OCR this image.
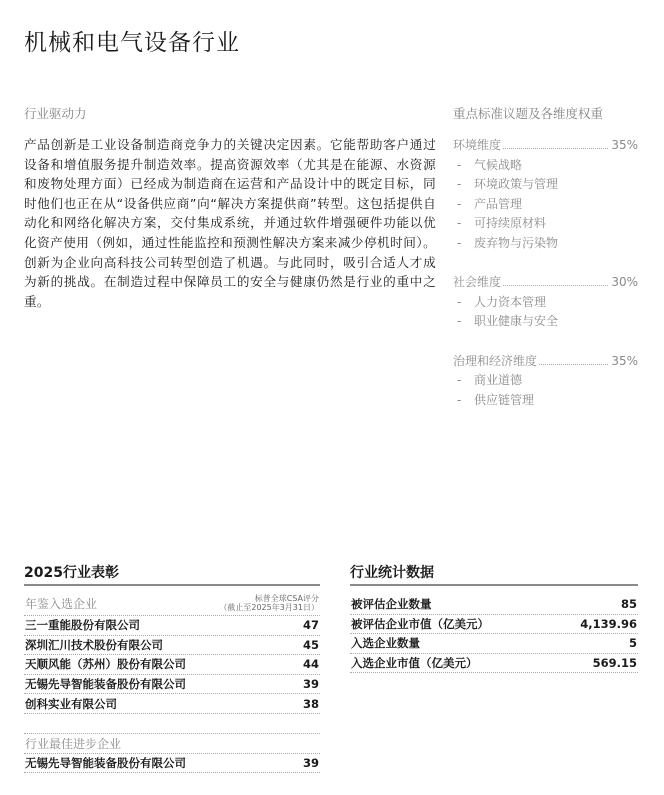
机械和电气设备行业
行业驱动力
产品创新是工业设备制造商竞争力的关键决定因素。它能帮助客户通过设备和增值服务提升制造效率。提高资源效率（尤其是在能源、水资源和废物处理方面）已经成为制造商在运营和产品设计中的既定目标，同时他们也正在从“设备供应商”向“解决方案提供商”转型。这包括提供自动化和网络化解决方案，交付集成系统，并通过软件增强硬件功能以优化资产使用（例如，通过性能监控和预测性解决方案来减少停机时间）。创新为企业向高科技公司转型创造了机遇。与此同时，吸引合适人才成为新的挑战。在制造过程中保障员工的安全与健康仍然是行业的重中之重。
重点标准议题及各维度权重
环境维度	35%
- 气候战略
- 环境政策与管理
- 产品管理
- 可持续原材料
- 废弃物与污染物
社会维度	30%
- 人力资本管理
- 职业健康与安全
治理和经济维度	35%
- 商业道德
- 供应链管理
2025行业表彰
年鉴入选企业	标普全球CSA评分
（截止至2025年3月31日）
三一重能股份有限公司	47
深圳汇川技术股份有限公司	45
天顺风能（苏州）股份有限公司	44
无锡先导智能装备股份有限公司	39
创科实业有限公司	38
行业最佳进步企业
无锡先导智能装备股份有限公司	39
行业统计数据
被评估企业数量	85
被评估企业市值（亿美元）	4,139.96
入选企业数量	5
入选企业市值（亿美元）	569.15
